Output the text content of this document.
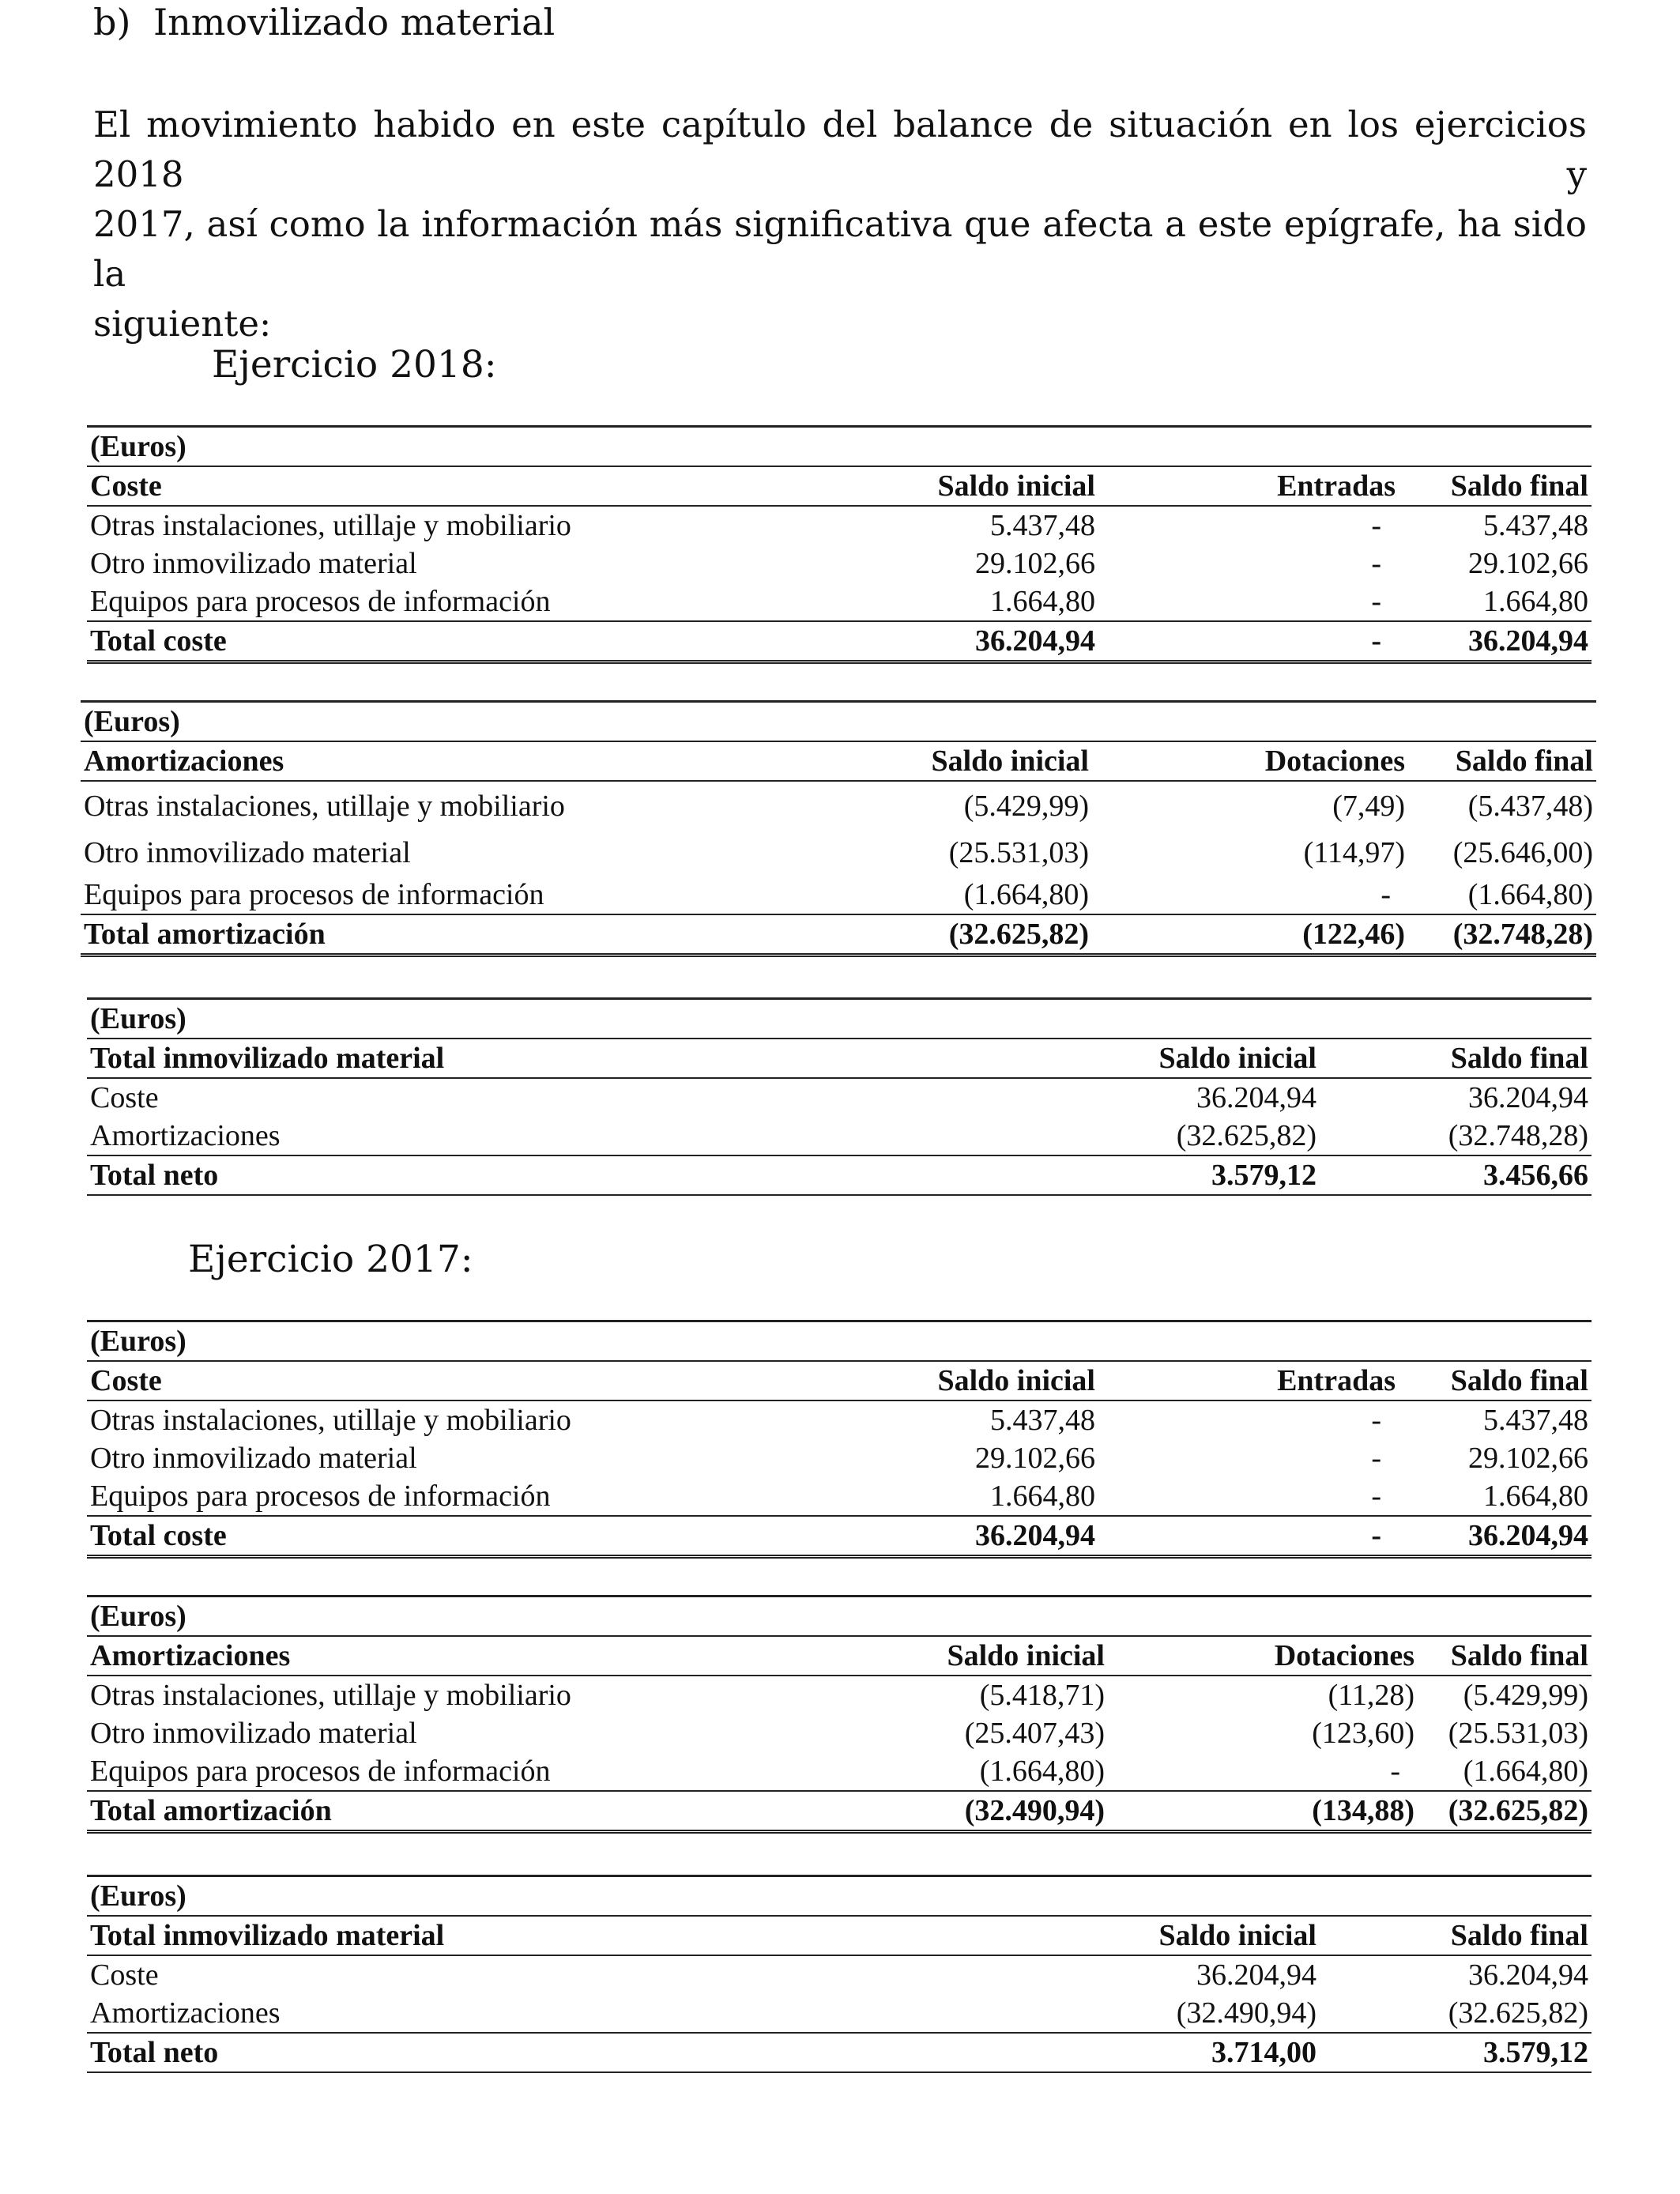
b) Inmovilizado material
El movimiento habido en este capítulo del balance de situación en los ejercicios 2018 y
2017, así como la información más significativa que afecta a este epígrafe, ha sido la
siguiente:
Ejercicio 2018:
(Euros)			
Coste	Saldo inicial	Entradas	Saldo final
Otras instalaciones, utillaje y mobiliario	5.437,48	-	5.437,48
Otro inmovilizado material	29.102,66	-	29.102,66
Equipos para procesos de información	1.664,80	-	1.664,80
Total coste	36.204,94	-	36.204,94
(Euros)			
Amortizaciones	Saldo inicial	Dotaciones	Saldo final
Otras instalaciones, utillaje y mobiliario	(5.429,99)	(7,49)	(5.437,48)
Otro inmovilizado material	(25.531,03)	(114,97)	(25.646,00)
Equipos para procesos de información	(1.664,80)	-	(1.664,80)
Total amortización	(32.625,82)	(122,46)	(32.748,28)
(Euros)		
Total inmovilizado material	Saldo inicial	Saldo final
Coste	36.204,94	36.204,94
Amortizaciones	(32.625,82)	(32.748,28)
Total neto	3.579,12	3.456,66
Ejercicio 2017:
(Euros)			
Coste	Saldo inicial	Entradas	Saldo final
Otras instalaciones, utillaje y mobiliario	5.437,48	-	5.437,48
Otro inmovilizado material	29.102,66	-	29.102,66
Equipos para procesos de información	1.664,80	-	1.664,80
Total coste	36.204,94	-	36.204,94
(Euros)			
Amortizaciones	Saldo inicial	Dotaciones	Saldo final
Otras instalaciones, utillaje y mobiliario	(5.418,71)	(11,28)	(5.429,99)
Otro inmovilizado material	(25.407,43)	(123,60)	(25.531,03)
Equipos para procesos de información	(1.664,80)	-	(1.664,80)
Total amortización	(32.490,94)	(134,88)	(32.625,82)
(Euros)		
Total inmovilizado material	Saldo inicial	Saldo final
Coste	36.204,94	36.204,94
Amortizaciones	(32.490,94)	(32.625,82)
Total neto	3.714,00	3.579,12
